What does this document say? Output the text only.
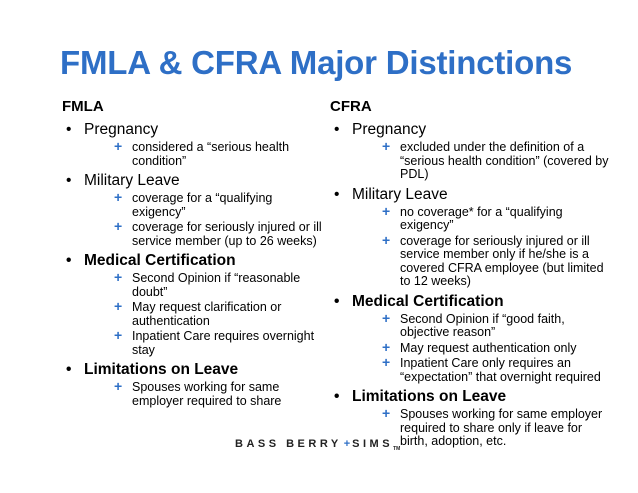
FMLA & CFRA Major Distinctions
FMLA
• Pregnancy
+ considered a “serious health condition”
• Military Leave
+ coverage for a “qualifying exigency”
+ coverage for seriously injured or ill service member (up to 26 weeks)
• Medical Certification
+ Second Opinion if “reasonable doubt”
+ May request clarification or authentication
+ Inpatient Care requires overnight stay
• Limitations on Leave
+ Spouses working for same employer required to share
CFRA
• Pregnancy
+ excluded under the definition of a “serious health condition” (covered by PDL)
• Military Leave
+ no coverage* for a “qualifying exigency”
+ coverage for seriously injured or ill service member only if he/she is a covered CFRA employee (but limited to 12 weeks)
• Medical Certification
+ Second Opinion if “good faith, objective reason”
+ May request authentication only
+ Inpatient Care only requires an “expectation” that overnight required
• Limitations on Leave
+ Spouses working for same employer required to share only if leave for birth, adoption, etc.
BASS BERRY + $SIMS_{TM}$
